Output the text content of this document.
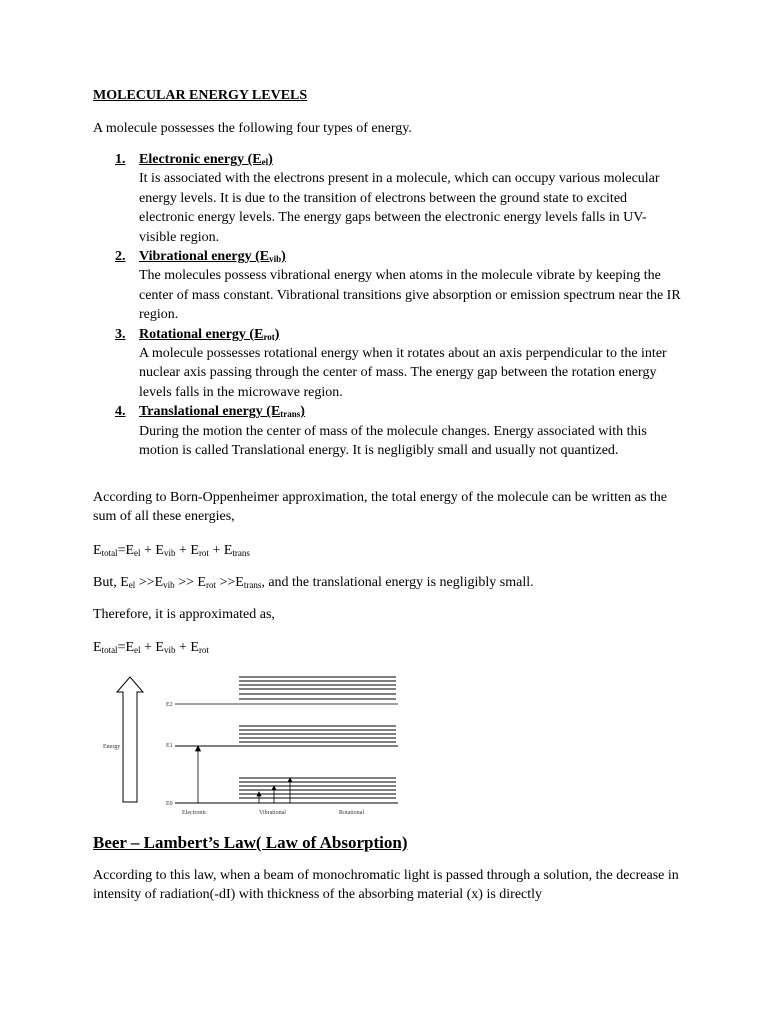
MOLECULAR ENERGY LEVELS
A molecule possesses the following four types of energy.
1. Electronic energy $(E_{el})$
It is associated with the electrons present in a molecule, which can occupy various molecular energy levels. It is due to the transition of electrons between the ground state to excited electronic energy levels. The energy gaps between the electronic energy levels falls in UV-visible region.
2. Vibrational energy $(E_{vib})$
The molecules possess vibrational energy when atoms in the molecule vibrate by keeping the center of mass constant. Vibrational transitions give absorption or emission spectrum near the IR region.
3. Rotational energy $(E_{rot})$
A molecule possesses rotational energy when it rotates about an axis perpendicular to the inter nuclear axis passing through the center of mass. The energy gap between the rotation energy levels falls in the microwave region.
4. Translational energy $(E_{trans})$
During the motion the center of mass of the molecule changes. Energy associated with this motion is called Translational energy. It is negligibly small and usually not quantized.
According to Born-Oppenheimer approximation, the total energy of the molecule can be written as the sum of all these energies,
$E_{total}=E_{el} + E_{vib} + E_{rot} + E_{trans}$
But, $E_{el} >>E_{vib} >> E_{rot} >>E_{trans}$, and the translational energy is negligibly small.
Therefore, it is approximated as,
$E_{total}=E_{el} + E_{vib} + E_{rot}$
Energy
E2
E1
E0
Electronic	Vibrational	Rotational
Beer – Lambert’s Law( Law of Absorption)
According to this law, when a beam of monochromatic light is passed through a solution, the decrease in intensity of radiation(-dI) with thickness of the absorbing material (x) is directly
